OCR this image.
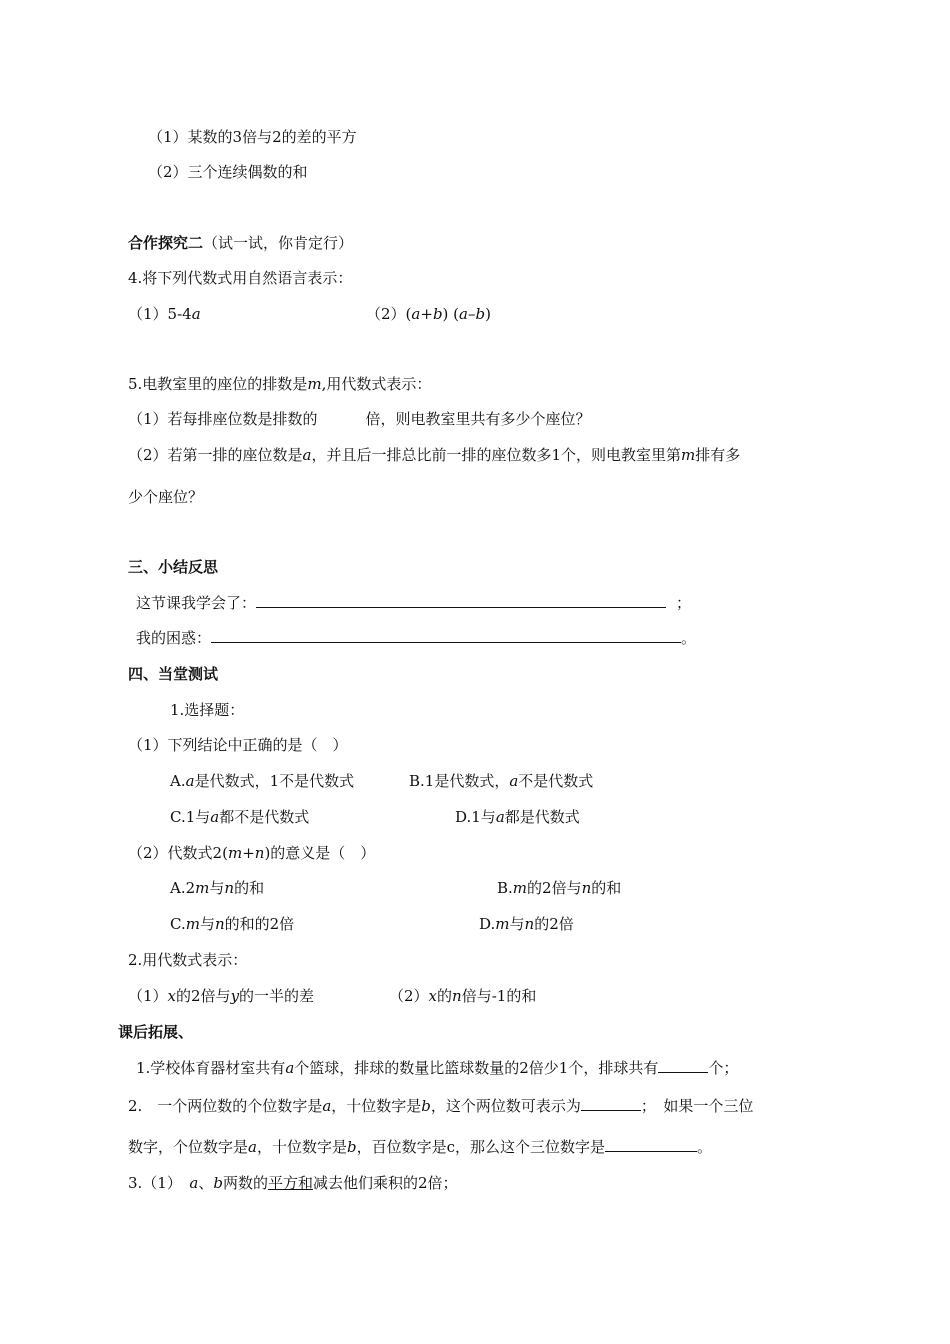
（1）某数的3倍与2的差的平方
（2）三个连续偶数的和
合作探究二（试一试，你肯定行）
4.将下列代数式用自然语言表示：
（1）5-4a	（2）(a+b) (a–b)
5.电教室里的座位的排数是m,用代数式表示：
（1）若每排座位数是排数的	倍，则电教室里共有多少个座位？
（2）若第一排的座位数是a，并且后一排总比前一排的座位数多1个，则电教室里第m排有多
少个座位？
三、小结反思
这节课我学会了：	；
我的困惑：	。
四、当堂测试
1.选择题：
（1）下列结论中正确的是（　）
A.a是代数式，1不是代数式	B.1是代数式，a不是代数式
C.1与a都不是代数式	D.1与a都是代数式
（2）代数式2(m+n)的意义是（　）
A.2m与n的和	B.m的2倍与n的和
C.m与n的和的2倍	D.m与n的2倍
2.用代数式表示：
（1）x的2倍与y的一半的差	（2）x的n倍与-1的和
课后拓展、
1.学校体育器材室共有a个篮球，排球的数量比篮球数量的2倍少1个，排球共有	个；
2.　一个两位数的个位数字是a，十位数字是b，这个两位数可表示为	；　如果一个三位
数字，个位数字是a，十位数字是b，百位数字是c，那么这个三位数字是	。
3.（1）　a、b两数的平方和减去他们乘积的2倍；
